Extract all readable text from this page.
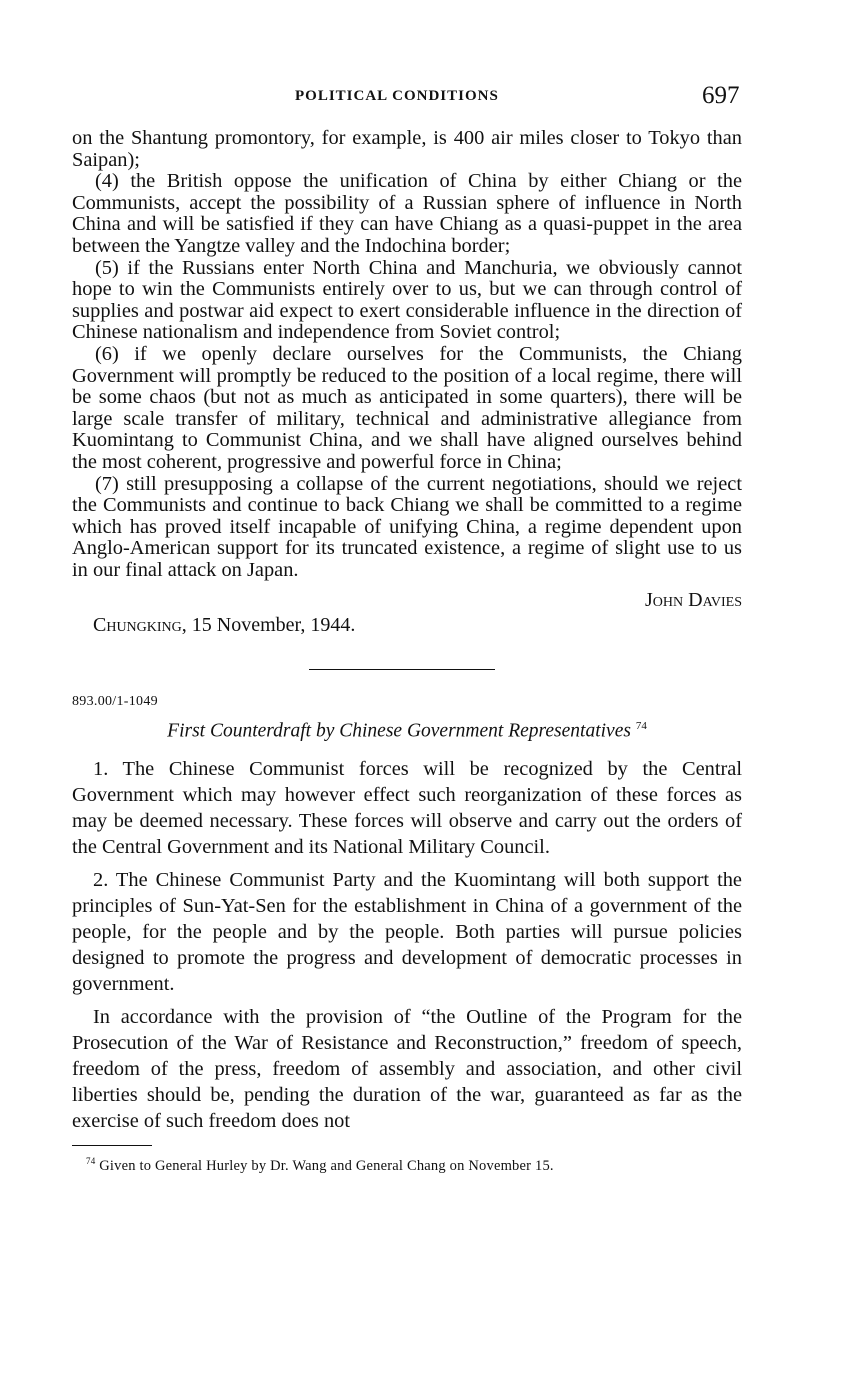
POLITICAL CONDITIONS	697

on the Shantung promontory, for example, is 400 air miles closer to Tokyo than Saipan);

(4) the British oppose the unification of China by either Chiang or the Communists, accept the possibility of a Russian sphere of influence in North China and will be satisfied if they can have Chiang as a quasi-puppet in the area between the Yangtze valley and the Indochina border;

(5) if the Russians enter North China and Manchuria, we obviously cannot hope to win the Communists entirely over to us, but we can through control of supplies and postwar aid expect to exert considerable influence in the direction of Chinese nationalism and independence from Soviet control;

(6) if we openly declare ourselves for the Communists, the Chiang Government will promptly be reduced to the position of a local regime, there will be some chaos (but not as much as anticipated in some quarters), there will be large scale transfer of military, technical and administrative allegiance from Kuomintang to Communist China, and we shall have aligned ourselves behind the most coherent, progressive and powerful force in China;

(7) still presupposing a collapse of the current negotiations, should we reject the Communists and continue to back Chiang we shall be committed to a regime which has proved itself incapable of unifying China, a regime dependent upon Anglo-American support for its truncated existence, a regime of slight use to us in our final attack on Japan.

John Davies
Chungking, 15 November, 1944.
893.00/1-1049
First Counterdraft by Chinese Government Representatives $^{74}$

1. The Chinese Communist forces will be recognized by the Central Government which may however effect such reorganization of these forces as may be deemed necessary. These forces will observe and carry out the orders of the Central Government and its National Military Council.

2. The Chinese Communist Party and the Kuomintang will both support the principles of Sun-Yat-Sen for the establishment in China of a government of the people, for the people and by the people. Both parties will pursue policies designed to promote the progress and development of democratic processes in government.

In accordance with the provision of “the Outline of the Program for the Prosecution of the War of Resistance and Reconstruction,” freedom of speech, freedom of the press, freedom of assembly and association, and other civil liberties should be, pending the duration of the war, guaranteed as far as the exercise of such freedom does not

$^{74}$ Given to General Hurley by Dr. Wang and General Chang on November 15.
